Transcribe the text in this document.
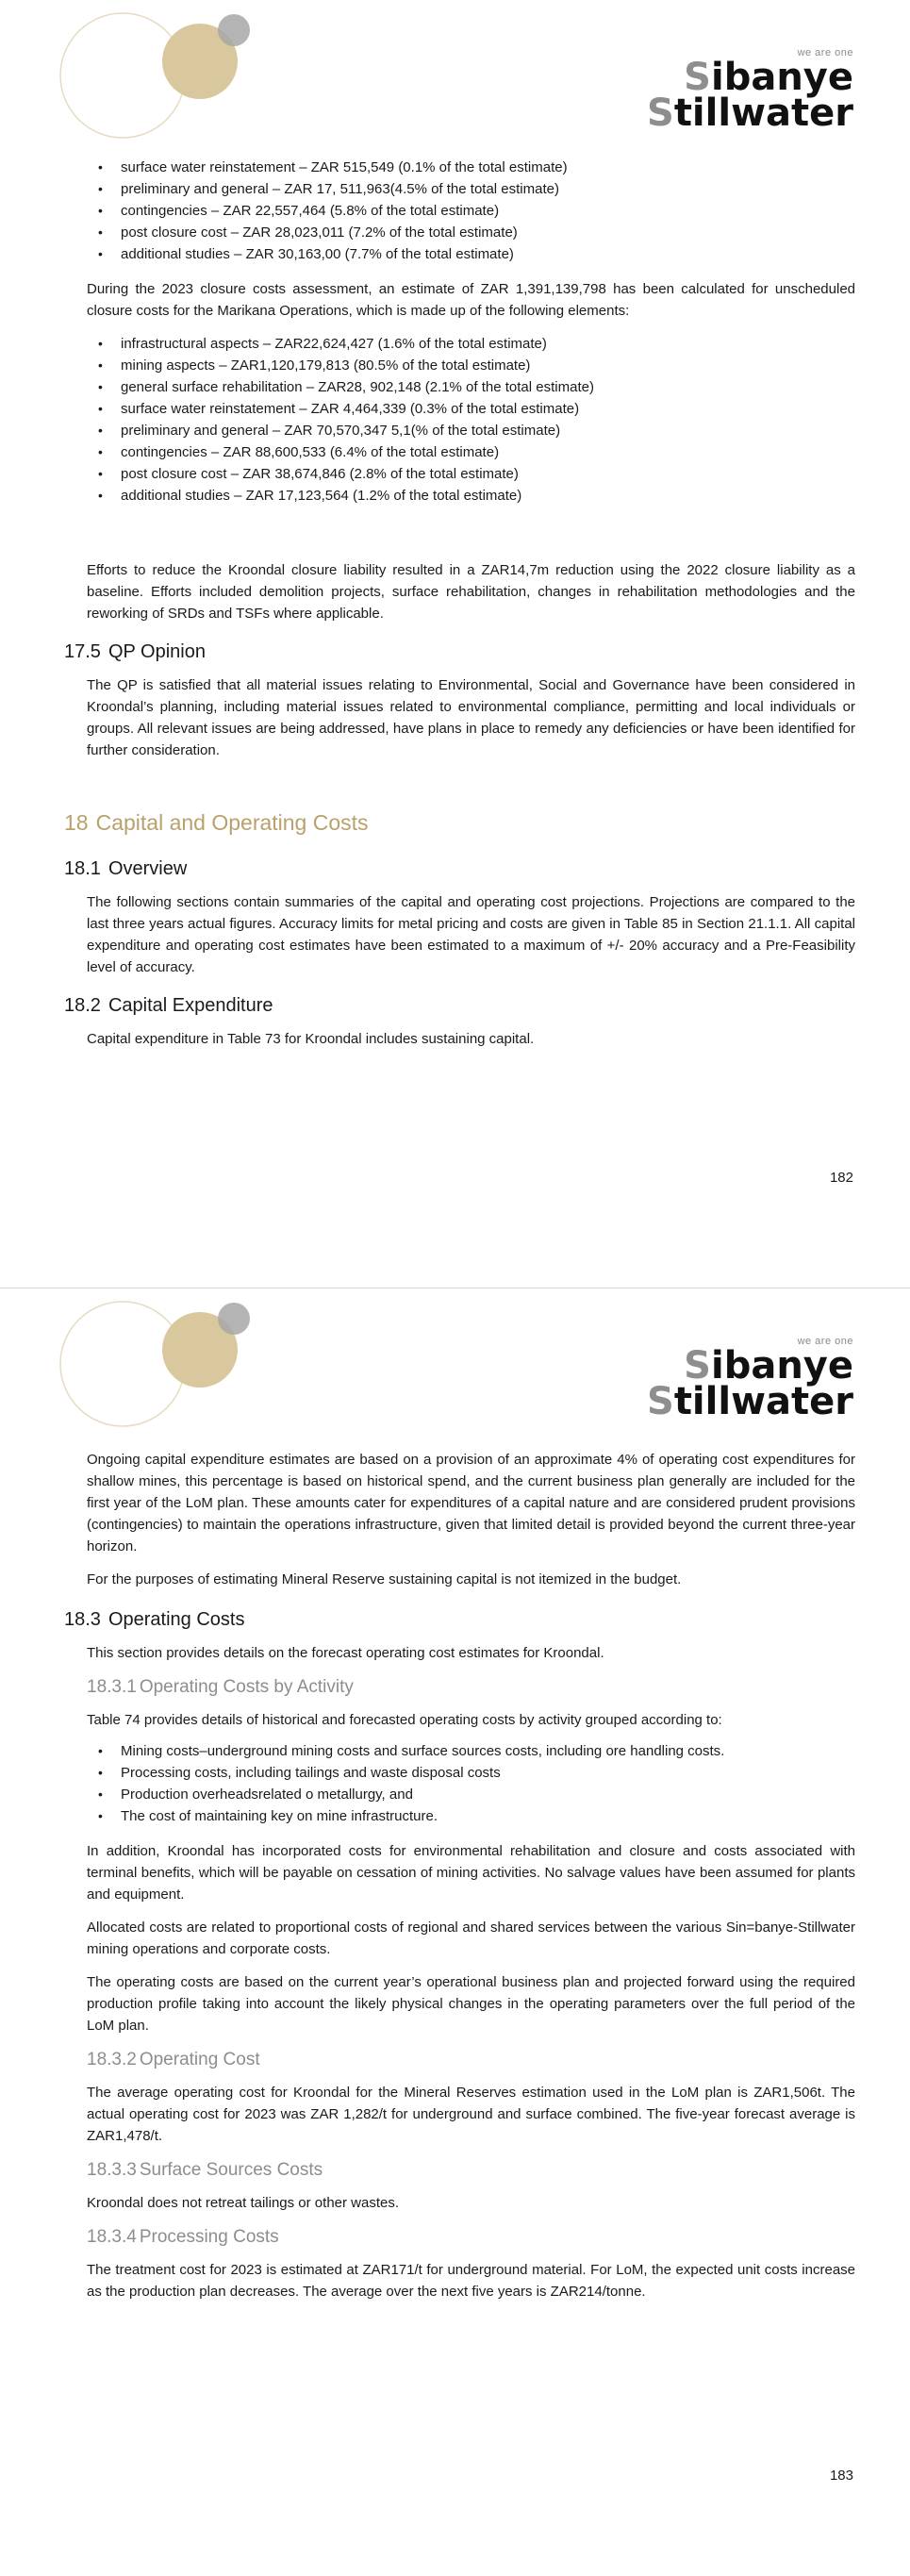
we are one
Sibanye
Stillwater
• surface water reinstatement – ZAR 515,549 (0.1% of the total estimate)
• preliminary and general – ZAR 17, 511,963(4.5% of the total estimate)
• contingencies – ZAR 22,557,464 (5.8% of the total estimate)
• post closure cost – ZAR 28,023,011 (7.2% of the total estimate)
• additional studies – ZAR 30,163,00 (7.7% of the total estimate)

During the 2023 closure costs assessment, an estimate of ZAR 1,391,139,798 has been calculated for unscheduled closure costs for the Marikana Operations, which is made up of the following elements:

• infrastructural aspects – ZAR22,624,427 (1.6% of the total estimate)
• mining aspects – ZAR1,120,179,813 (80.5% of the total estimate)
• general surface rehabilitation – ZAR28, 902,148 (2.1% of the total estimate)
• surface water reinstatement – ZAR 4,464,339 (0.3% of the total estimate)
• preliminary and general – ZAR 70,570,347 5,1(% of the total estimate)
• contingencies – ZAR 88,600,533 (6.4% of the total estimate)
• post closure cost – ZAR 38,674,846 (2.8% of the total estimate)
• additional studies – ZAR 17,123,564 (1.2% of the total estimate)

Efforts to reduce the Kroondal closure liability resulted in a ZAR14,7m reduction using the 2022 closure liability as a baseline. Efforts included demolition projects, surface rehabilitation, changes in rehabilitation methodologies and the reworking of SRDs and TSFs where applicable.

17.5 QP Opinion

The QP is satisfied that all material issues relating to Environmental, Social and Governance have been considered in Kroondal’s planning, including material issues related to environmental compliance, permitting and local individuals or groups. All relevant issues are being addressed, have plans in place to remedy any deficiencies or have been identified for further consideration.

18 Capital and Operating Costs
18.1 Overview

The following sections contain summaries of the capital and operating cost projections. Projections are compared to the last three years actual figures. Accuracy limits for metal pricing and costs are given in Table 85 in Section 21.1.1. All capital expenditure and operating cost estimates have been estimated to a maximum of +/- 20% accuracy and a Pre-Feasibility level of accuracy.

18.2 Capital Expenditure

Capital expenditure in Table 73 for Kroondal includes sustaining capital.

182
we are one
Sibanye
Stillwater

Ongoing capital expenditure estimates are based on a provision of an approximate 4% of operating cost expenditures for shallow mines, this percentage is based on historical spend, and the current business plan generally are included for the first year of the LoM plan. These amounts cater for expenditures of a capital nature and are considered prudent provisions (contingencies) to maintain the operations infrastructure, given that limited detail is provided beyond the current three-year horizon.

For the purposes of estimating Mineral Reserve sustaining capital is not itemized in the budget.

18.3 Operating Costs

This section provides details on the forecast operating cost estimates for Kroondal.

18.3.1 Operating Costs by Activity

Table 74 provides details of historical and forecasted operating costs by activity grouped according to:

• Mining costs–underground mining costs and surface sources costs, including ore handling costs.
• Processing costs, including tailings and waste disposal costs
• Production overheadsrelated o metallurgy, and
• The cost of maintaining key on mine infrastructure.

In addition, Kroondal has incorporated costs for environmental rehabilitation and closure and costs associated with terminal benefits, which will be payable on cessation of mining activities. No salvage values have been assumed for plants and equipment.

Allocated costs are related to proportional costs of regional and shared services between the various Sin=banye-Stillwater mining operations and corporate costs.

The operating costs are based on the current year’s operational business plan and projected forward using the required production profile taking into account the likely physical changes in the operating parameters over the full period of the LoM plan.

18.3.2 Operating Cost

The average operating cost for Kroondal for the Mineral Reserves estimation used in the LoM plan is ZAR1,506t. The actual operating cost for 2023 was ZAR 1,282/t for underground and surface combined. The five-year forecast average is ZAR1,478/t.

18.3.3 Surface Sources Costs

Kroondal does not retreat tailings or other wastes.

18.3.4 Processing Costs

The treatment cost for 2023 is estimated at ZAR171/t for underground material. For LoM, the expected unit costs increase as the production plan decreases. The average over the next five years is ZAR214/tonne.

183
